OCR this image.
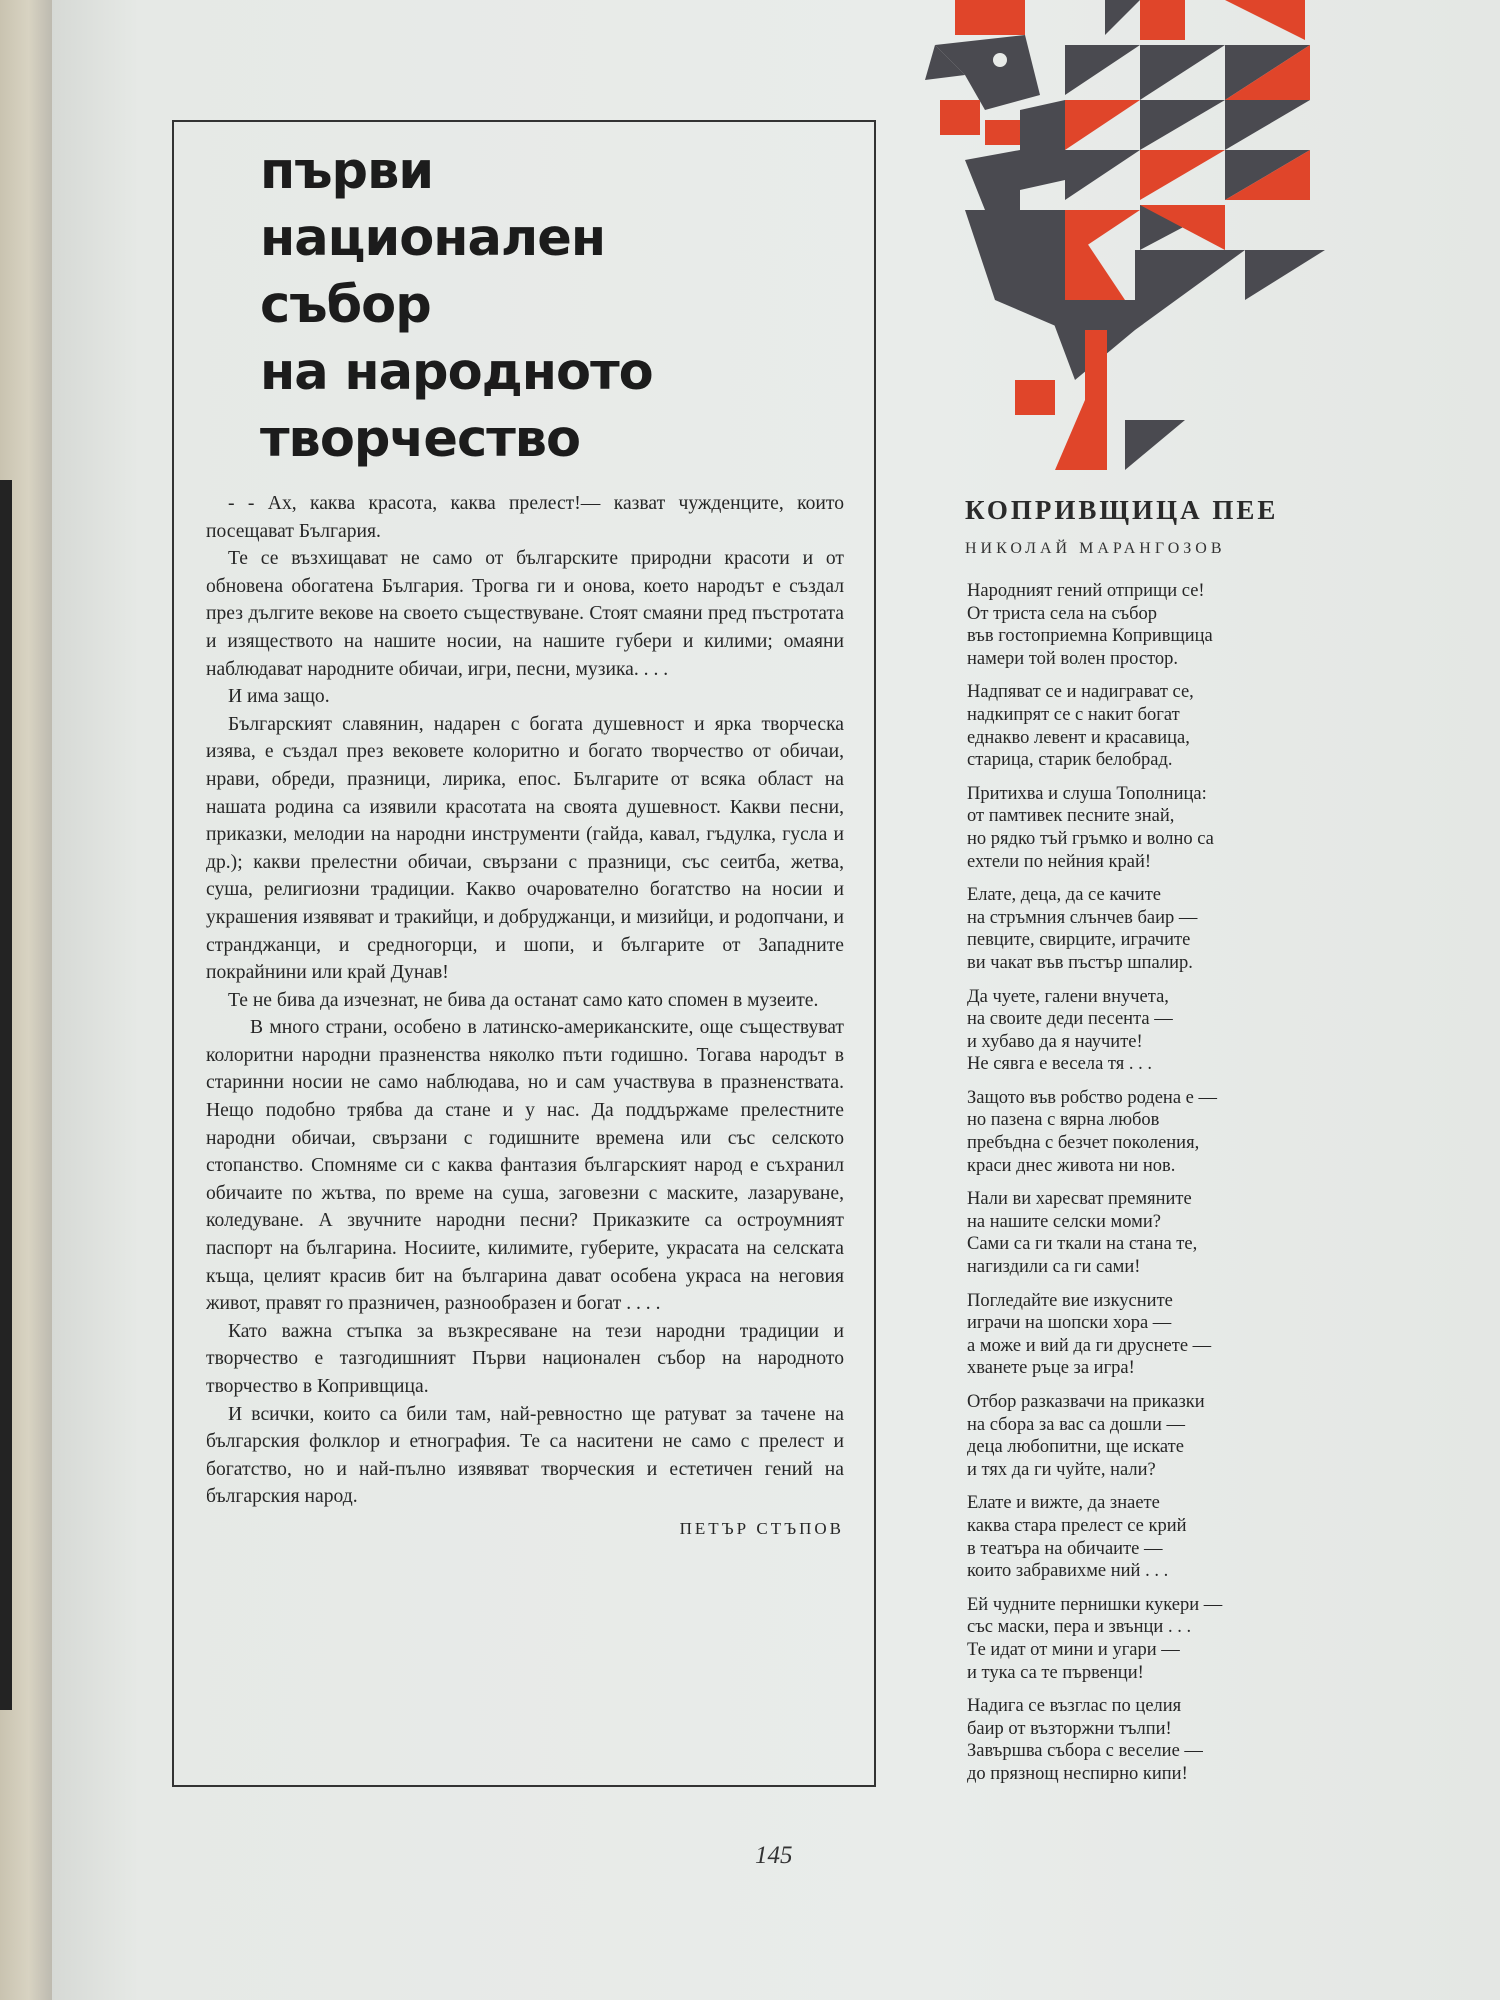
първи
национален
събор
на народното
творчество

- - Ах, каква красота, каква прелест!— казват чужденците, които посещават България.

Те се възхищават не само от българските природни красоти и от обновена обогатена България. Трогва ги и онова, което народът е създал през дългите векове на своето съществуване. Стоят смаяни пред пъстротата и изяществото на нашите носии, на нашите губери и килими; омаяни наблюдават народните обичаи, игри, песни, музика. . . .

И има защо.

Българският славянин, надарен с богата душевност и ярка творческа изява, е създал през вековете колоритно и богато творчество от обичаи, нрави, обреди, празници, лирика, епос. Българите от всяка област на нашата родина са изявили красотата на своята душевност. Какви песни, приказки, мелодии на народни инструменти (гайда, кавал, гъдулка, гусла и др.); какви прелестни обичаи, свързани с празници, със сеитба, жетва, суша, религиозни традиции. Какво очарователно богатство на носии и украшения изявяват и тракийци, и добруджанци, и мизийци, и родопчани, и странджанци, и средногорци, и шопи, и българите от Западните покрайнини или край Дунав!

Те не бива да изчезнат, не бива да останат само като спомен в музеите.

В много страни, особено в латинско-американските, още съществуват колоритни народни празненства няколко пъти годишно. Тогава народът в старинни носии не само наблюдава, но и сам участвува в празненствата. Нещо подобно трябва да стане и у нас. Да поддържаме прелестните народни обичаи, свързани с годишните времена или със селското стопанство. Спомняме си с каква фантазия българският народ е съхранил обичаите по жътва, по време на суша, заговезни с маските, лазаруване, коледуване. А звучните народни песни? Приказките са остроумният паспорт на българина. Носиите, килимите, губерите, украсата на селската къща, целият красив бит на българина дават особена украса на неговия живот, правят го празничен, разнообразен и богат . . . .

Като важна стъпка за възкресяване на тези народни традиции и творчество е тазгодишният Първи национален събор на народното творчество в Копривщица.

И всички, които са били там, най-ревностно ще ратуват за тачене на българския фолклор и етнография. Те са наситени не само с прелест и богатство, но и най-пълно изявяват творческия и естетичен гений на българския народ.

ПЕТЪР СТЪПОВ
КОПРИВЩИЦА ПЕЕ
НИКОЛАЙ МАРАНГОЗОВ
Народният гений отприщи се!
От триста села на събор
във гостоприемна Копривщица
намери той волен простор.
Надпяват се и надиграват се,
надкипрят се с накит богат
еднакво левент и красавица,
старица, старик белобрад.
Притихва и слуша Тополница:
от памтивек песните знай,
но рядко тъй гръмко и волно са
ехтели по нейния край!
Елате, деца, да се качите
на стръмния слънчев баир —
певците, свирците, играчите
ви чакат във пъстър шпалир.
Да чуете, галени внучета,
на своите деди песента —
и хубаво да я научите!
Не сявга е весела тя . . .
Защото във робство родена е —
но пазена с вярна любов
пребъдна с безчет поколения,
краси днес живота ни нов.
Нали ви харесват премяните
на нашите селски моми?
Сами са ги ткали на стана те,
нагиздили са ги сами!
Погледайте вие изкусните
играчи на шопски хора —
а може и вий да ги друснете —
хванете ръце за игра!
Отбор разказвачи на приказки
на сбора за вас са дошли —
деца любопитни, ще искате
и тях да ги чуйте, нали?
Елате и вижте, да знаете
каква стара прелест се крий
в театъра на обичаите —
които забравихме ний . . .
Ей чудните пернишки кукери —
със маски, пера и звънци . . .
Те идат от мини и угари —
и тука са те първенци!
Надига се възглас по целия
баир от възторжни тълпи!
Завършва събора с веселие —
до прязнощ неспирно кипи!
145
